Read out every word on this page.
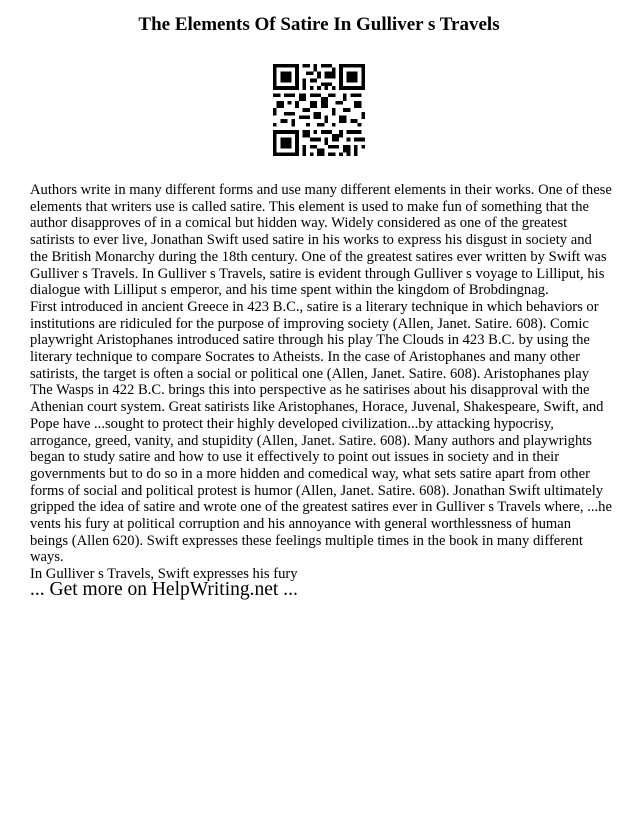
The Elements Of Satire In Gulliver s Travels

Authors write in many different forms and use many different elements in their works. One of these elements that writers use is called satire. This element is used to make fun of something that the author disapproves of in a comical but hidden way. Widely considered as one of the greatest satirists to ever live, Jonathan Swift used satire in his works to express his disgust in society and the British Monarchy during the 18th century. One of the greatest satires ever written by Swift was Gulliver s Travels. In Gulliver s Travels, satire is evident through Gulliver s voyage to Lilliput, his dialogue with Lilliput s emperor, and his time spent within the kingdom of Brobdingnag.

First introduced in ancient Greece in 423 B.C., satire is a literary technique in which behaviors or institutions are ridiculed for the purpose of improving society (Allen, Janet. Satire. 608). Comic playwright Aristophanes introduced satire through his play The Clouds in 423 B.C. by using the literary technique to compare Socrates to Atheists. In the case of Aristophanes and many other satirists, the target is often a social or political one (Allen, Janet. Satire. 608). Aristophanes play The Wasps in 422 B.C. brings this into perspective as he satirises about his disapproval with the Athenian court system. Great satirists like Aristophanes, Horace, Juvenal, Shakespeare, Swift, and Pope have ...sought to protect their highly developed civilization...by attacking hypocrisy, arrogance, greed, vanity, and stupidity (Allen, Janet. Satire. 608). Many authors and playwrights began to study satire and how to use it effectively to point out issues in society and in their governments but to do so in a more hidden and comedical way, what sets satire apart from other forms of social and political protest is humor (Allen, Janet. Satire. 608). Jonathan Swift ultimately gripped the idea of satire and wrote one of the greatest satires ever in Gulliver s Travels where, ...he vents his fury at political corruption and his annoyance with general worthlessness of human beings (Allen 620). Swift expresses these feelings multiple times in the book in many different ways.

In Gulliver s Travels, Swift expresses his fury

... Get more on HelpWriting.net ...
